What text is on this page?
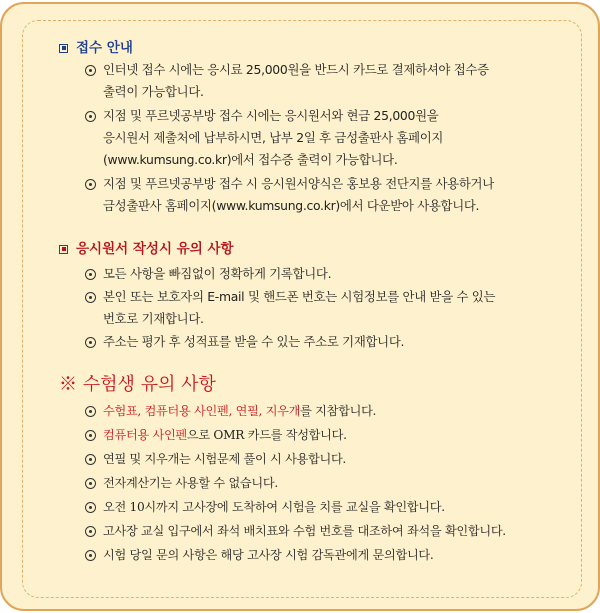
접수 안내
인터넷 접수 시에는 응시료 25,000원을 반드시 카드로 결제하셔야 접수증
출력이 가능합니다.
지점 및 푸르넷공부방 접수 시에는 응시원서와 현금 25,000원을
응시원서 제출처에 납부하시면, 납부 2일 후 금성출판사 홈페이지
(www.kumsung.co.kr)에서 접수증 출력이 가능합니다.
지점 및 푸르넷공부방 접수 시 응시원서양식은 홍보용 전단지를 사용하거나
금성출판사 홈페이지(www.kumsung.co.kr)에서 다운받아 사용합니다.
응시원서 작성시 유의 사항
모든 사항을 빠짐없이 정확하게 기록합니다.
본인 또는 보호자의 E-mail 및 핸드폰 번호는 시험정보를 안내 받을 수 있는
번호로 기재합니다.
주소는 평가 후 성적표를 받을 수 있는 주소로 기재합니다.
※ 수험생 유의 사항
수험표, 컴퓨터용 사인펜, 연필, 지우개를 지참합니다.
컴퓨터용 사인펜으로 OMR 카드를 작성합니다.
연필 및 지우개는 시험문제 풀이 시 사용합니다.
전자계산기는 사용할 수 없습니다.
오전 10시까지 고사장에 도착하여 시험을 치를 교실을 확인합니다.
고사장 교실 입구에서 좌석 배치표와 수험 번호를 대조하여 좌석을 확인합니다.
시험 당일 문의 사항은 해당 고사장 시험 감독관에게 문의합니다.
